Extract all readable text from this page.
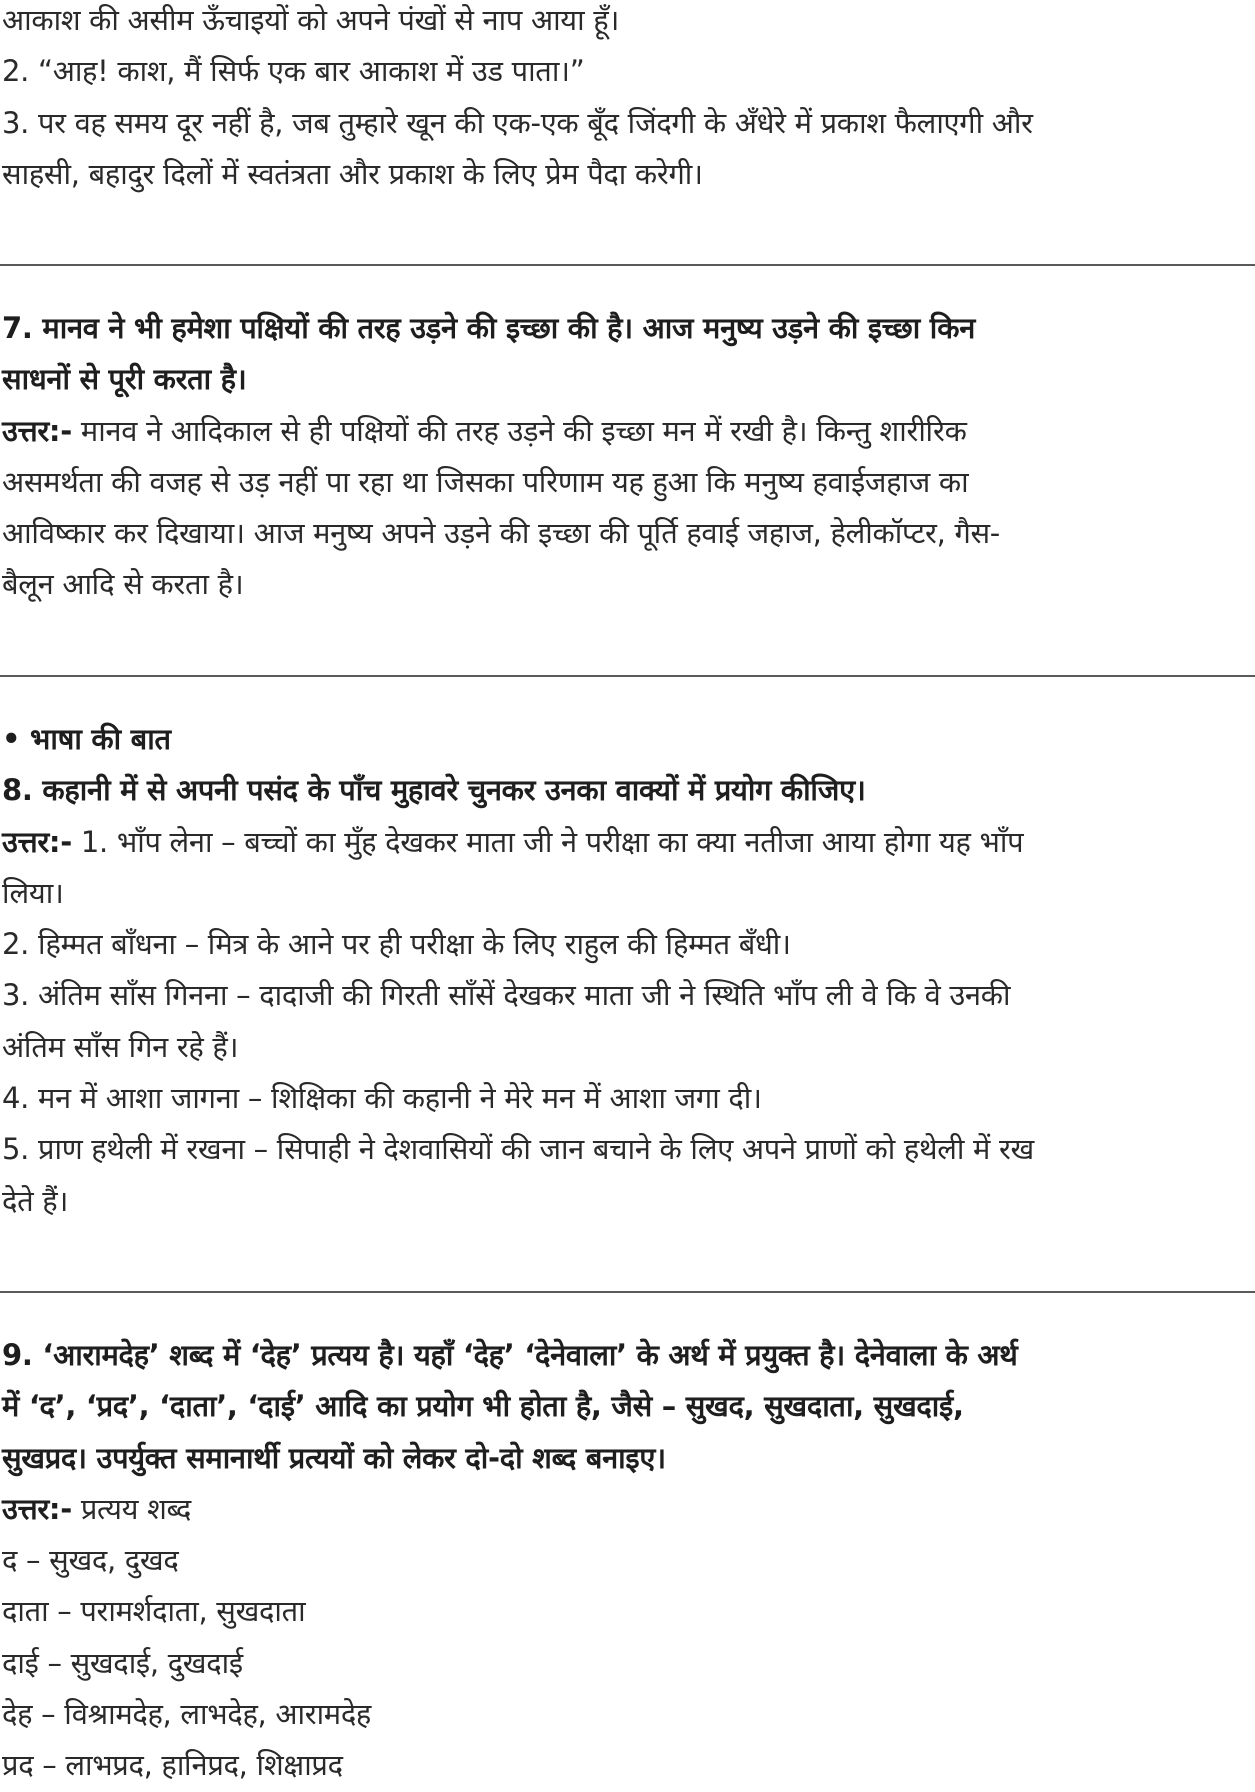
आकाश की असीम ऊँचाइयों को अपने पंखों से नाप आया हूँ।
2. “आह! काश, मैं सिर्फ एक बार आकाश में उड पाता।”
3. पर वह समय दूर नहीं है, जब तुम्हारे खून की एक-एक बूँद जिंदगी के अँधेरे में प्रकाश फैलाएगी और
साहसी, बहादुर दिलों में स्वतंत्रता और प्रकाश के लिए प्रेम पैदा करेगी।
7. मानव ने भी हमेशा पक्षियों की तरह उड़ने की इच्छा की है। आज मनुष्य उड़ने की इच्छा किन
साधनों से पूरी करता है।
उत्तर:- मानव ने आदिकाल से ही पक्षियों की तरह उड़ने की इच्छा मन में रखी है। किन्तु शारीरिक
असमर्थता की वजह से उड़ नहीं पा रहा था जिसका परिणाम यह हुआ कि मनुष्य हवाईजहाज का
आविष्कार कर दिखाया। आज मनुष्य अपने उड़ने की इच्छा की पूर्ति हवाई जहाज, हेलीकॉप्टर, गैस-
बैलून आदि से करता है।
• भाषा की बात
8. कहानी में से अपनी पसंद के पाँच मुहावरे चुनकर उनका वाक्यों में प्रयोग कीजिए।
उत्तर:- 1. भाँप लेना – बच्चों का मुँह देखकर माता जी ने परीक्षा का क्या नतीजा आया होगा यह भाँप
लिया।
2. हिम्मत बाँधना – मित्र के आने पर ही परीक्षा के लिए राहुल की हिम्मत बँधी।
3. अंतिम साँस गिनना – दादाजी की गिरती साँसें देखकर माता जी ने स्थिति भाँप ली वे कि वे उनकी
अंतिम साँस गिन रहे हैं।
4. मन में आशा जागना – शिक्षिका की कहानी ने मेरे मन में आशा जगा दी।
5. प्राण हथेली में रखना – सिपाही ने देशवासियों की जान बचाने के लिए अपने प्राणों को हथेली में रख
देते हैं।
9. ‘आरामदेह’ शब्द में ‘देह’ प्रत्यय है। यहाँ ‘देह’ ‘देनेवाला’ के अर्थ में प्रयुक्त है। देनेवाला के अर्थ
में ‘द’, ‘प्रद’, ‘दाता’, ‘दाई’ आदि का प्रयोग भी होता है, जैसे – सुखद, सुखदाता, सुखदाई,
सुखप्रद। उपर्युक्त समानार्थी प्रत्ययों को लेकर दो-दो शब्द बनाइए।
उत्तर:- प्रत्यय शब्द
द – सुखद, दुखद
दाता – परामर्शदाता, सुखदाता
दाई – सुखदाई, दुखदाई
देह – विश्रामदेह, लाभदेह, आरामदेह
प्रद – लाभप्रद, हानिप्रद, शिक्षाप्रद
